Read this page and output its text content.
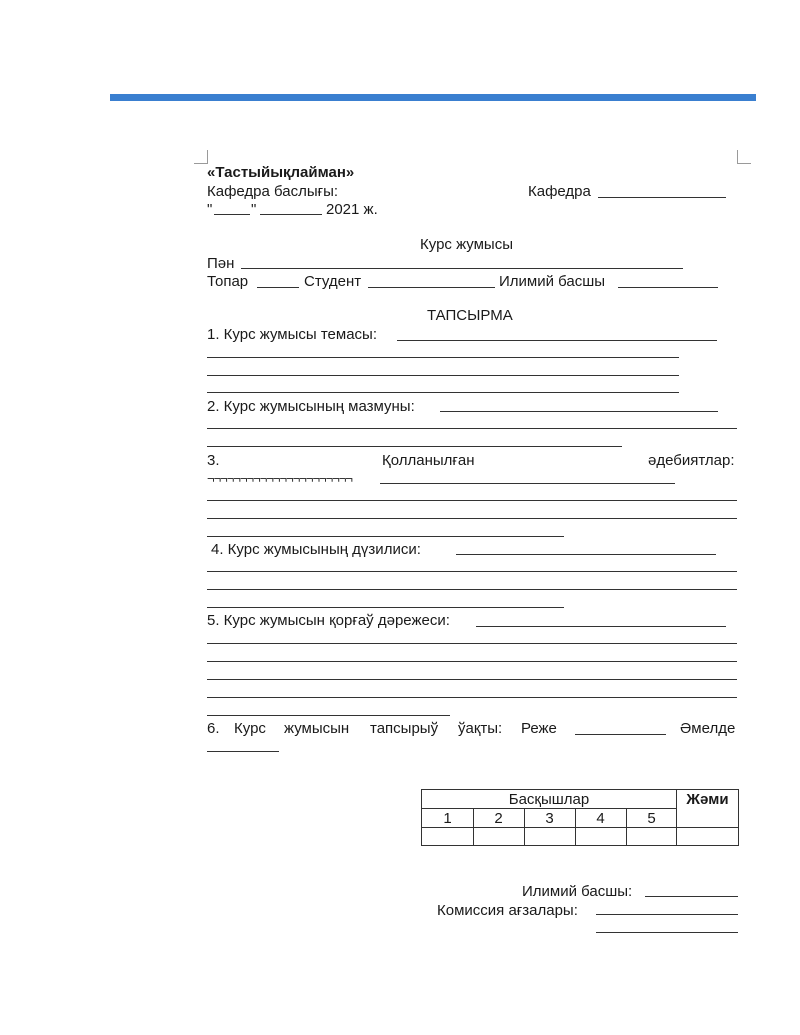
«Тастыйықлайман»
Кафедра баслығы:	Кафедра
"	"	2021 ж.
Курс жумысы
Пән
Топар	Студент	Илимий басшы
ТАПСЫРМА
1. Курс жумысы темасы:
2. Курс жумысының мазмуны:
3.	Қолланылған	әдебиятлар:
¬¬¬¬¬¬¬¬¬¬¬¬¬¬¬¬¬¬¬¬¬¬
4. Курс жумысының дүзилиси:
5. Курс жумысын қорғаў дәрежеси:
6. Курс жумысын тапсырыў ўақты: Реже	Әмелде
Басқышлар	Жәми
1	2	3	4	5
Илимий басшы:
Комиссия ағзалары:
